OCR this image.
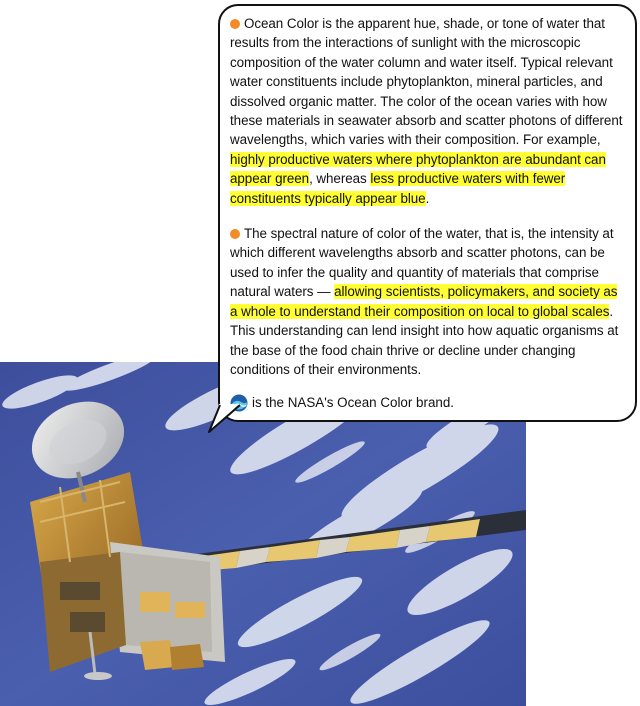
Ocean Color is the apparent hue, shade, or tone of water that results from the interactions of sunlight with the microscopic composition of the water column and water itself. Typical relevant water constituents include phytoplankton, mineral particles, and dissolved organic matter. The color of the ocean varies with how these materials in seawater absorb and scatter photons of different wavelengths, which varies with their composition. For example, highly productive waters where phytoplankton are abundant can appear green, whereas less productive waters with fewer constituents typically appear blue.

The spectral nature of color of the water, that is, the intensity at which different wavelengths absorb and scatter photons, can be used to infer the quality and quantity of materials that comprise natural waters — allowing scientists, policymakers, and society as a whole to understand their composition on local to global scales. This understanding can lend insight into how aquatic organisms at the base of the food chain thrive or decline under changing conditions of their environments.

is the NASA's Ocean Color brand.
